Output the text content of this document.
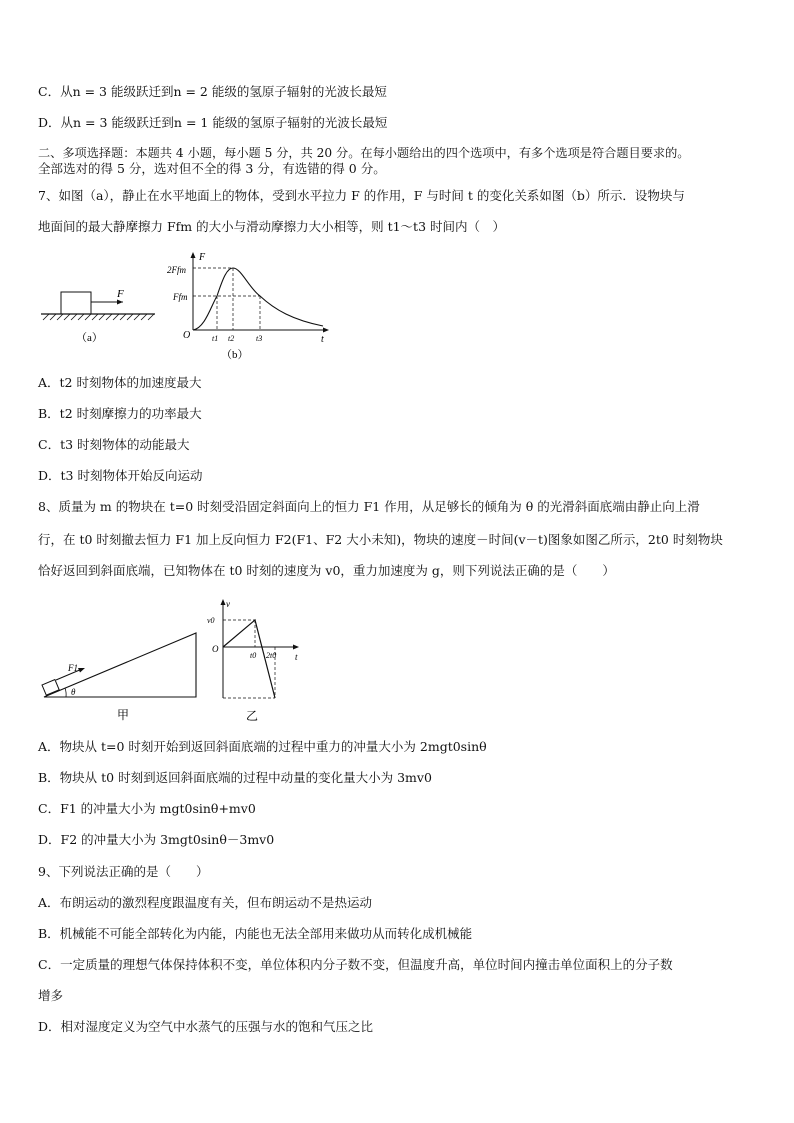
C．从n = 3 能级跃迁到n = 2 能级的氢原子辐射的光波长最短
D．从n = 3 能级跃迁到n = 1 能级的氢原子辐射的光波长最短
二、多项选择题：本题共 4 小题，每小题 5 分，共 20 分。在每小题给出的四个选项中，有多个选项是符合题目要求的。
全部选对的得 5 分，选对但不全的得 3 分，有选错的得 0 分。
7、如图（a），静止在水平地面上的物体，受到水平拉力 F 的作用，F 与时间 t 的变化关系如图（b）所示．设物块与
地面间的最大静摩擦力 Ffm 的大小与滑动摩擦力大小相等，则 t1～t3 时间内（　）
F
（a）
F
t
O
2Ffm
Ffm
t1 t2	t3
（b）
A．t2 时刻物体的加速度最大
B．t2 时刻摩擦力的功率最大
C．t3 时刻物体的动能最大
D．t3 时刻物体开始反向运动
8、质量为 m 的物块在 t=0 时刻受沿固定斜面向上的恒力 F1 作用，从足够长的倾角为 θ 的光滑斜面底端由静止向上滑
行，在 t0 时刻撤去恒力 F1 加上反向恒力 F2(F1、F2 大小未知)，物块的速度－时间(v－t)图象如图乙所示，2t0 时刻物块
恰好返回到斜面底端，已知物体在 t0 时刻的速度为 v0，重力加速度为 g，则下列说法正确的是（　　）
F1
θ
甲
v
t
O
v0
t0 2t0
乙
A．物块从 t=0 时刻开始到返回斜面底端的过程中重力的冲量大小为 2mgt0sinθ
B．物块从 t0 时刻到返回斜面底端的过程中动量的变化量大小为 3mv0
C．F1 的冲量大小为 mgt0sinθ+mv0
D．F2 的冲量大小为 3mgt0sinθ－3mv0
9、下列说法正确的是（　　）
A．布朗运动的激烈程度跟温度有关，但布朗运动不是热运动
B．机械能不可能全部转化为内能，内能也无法全部用来做功从而转化成机械能
C．一定质量的理想气体保持体积不变，单位体积内分子数不变，但温度升高，单位时间内撞击单位面积上的分子数
增多
D．相对湿度定义为空气中水蒸气的压强与水的饱和气压之比
